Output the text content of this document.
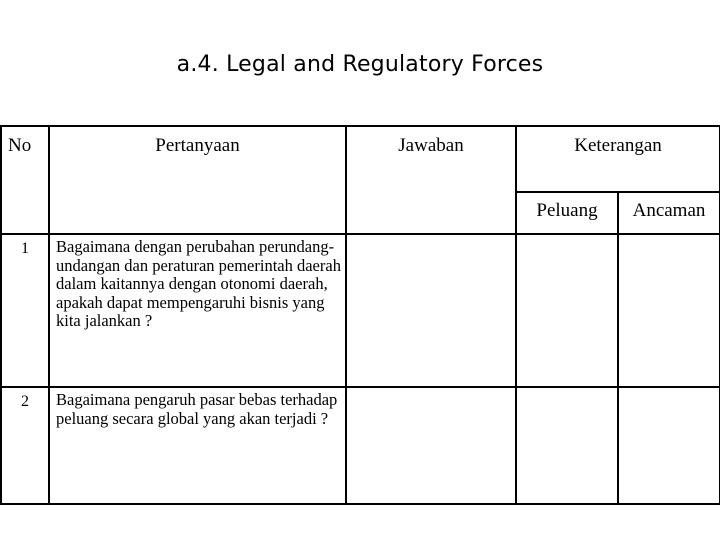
a.4. Legal and Regulatory Forces
No	Pertanyaan	Jawaban	Keterangan	
			Peluang	Ancaman
1	Bagaimana dengan perubahan perundang-undangan dan peraturan pemerintah daerah dalam kaitannya dengan otonomi daerah, apakah dapat mempengaruhi bisnis yang kita jalankan ?			
2	Bagaimana pengaruh pasar bebas terhadap peluang secara global yang akan terjadi ?			
